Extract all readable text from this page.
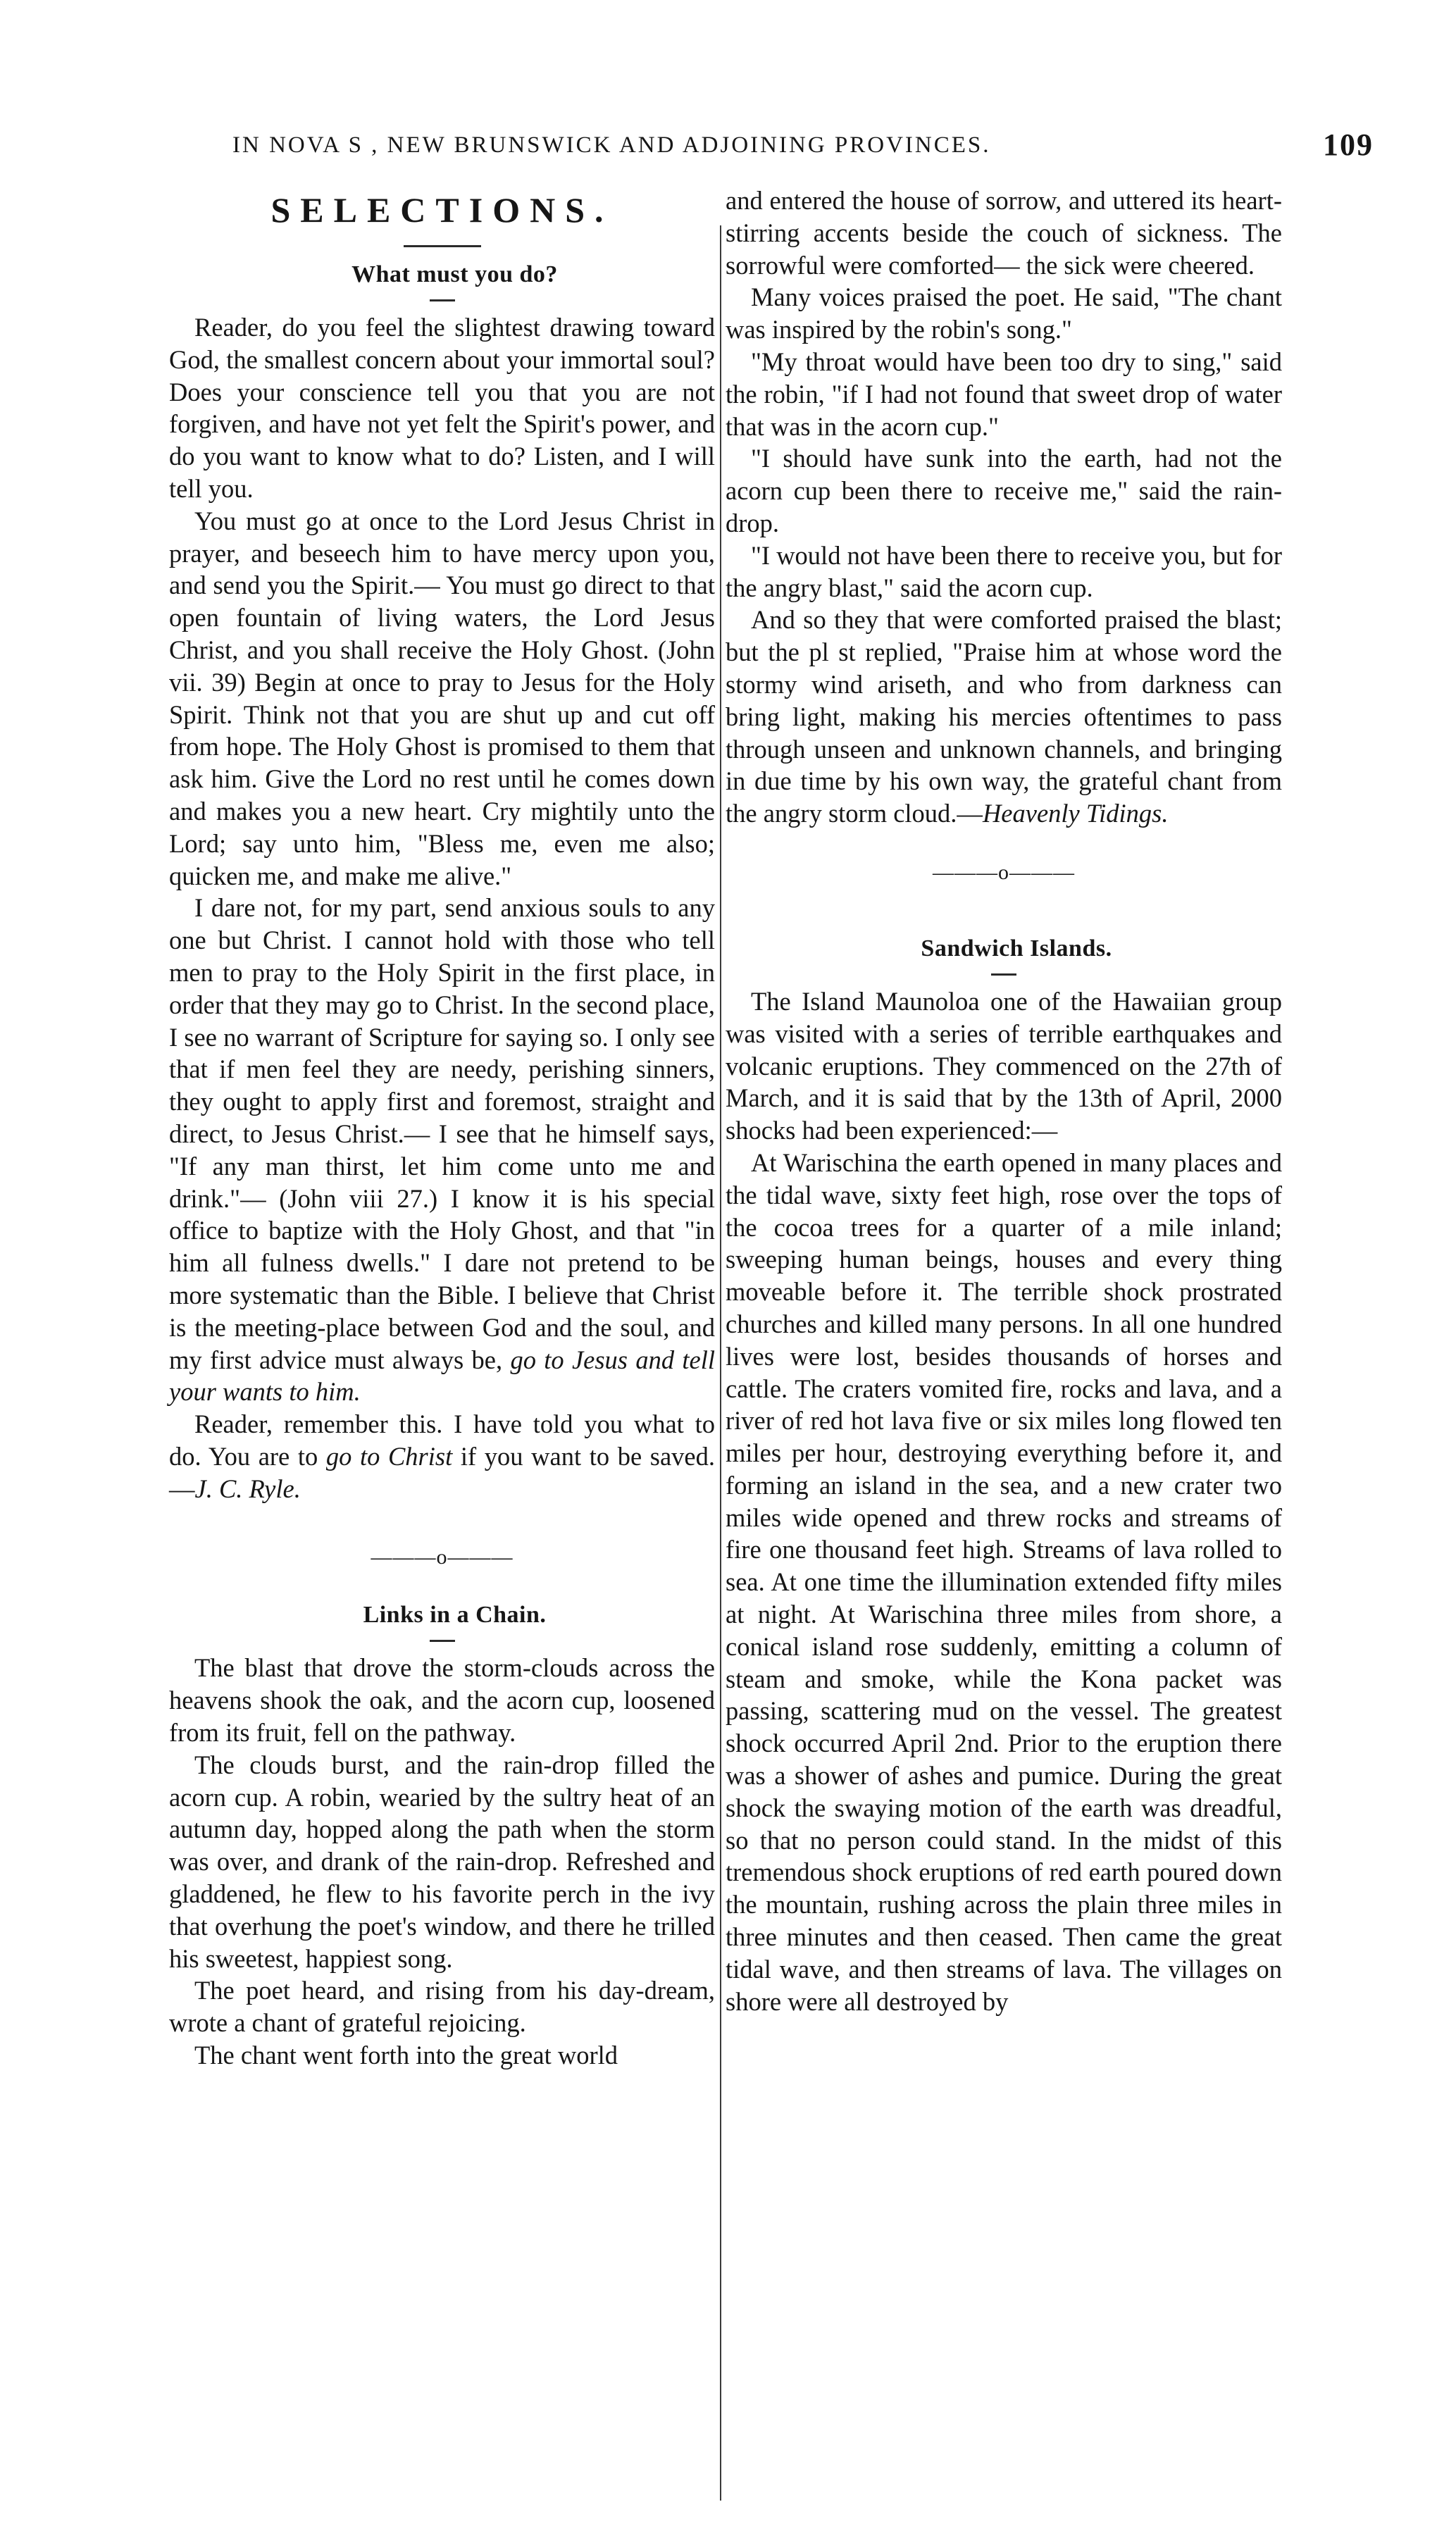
IN NOVA S , NEW BRUNSWICK AND ADJOINING PROVINCES.	109
SELECTIONS.

What must you do?

Reader, do you feel the slightest drawing toward God, the smallest concern about your immortal soul? Does your conscience tell you that you are not forgiven, and have not yet felt the Spirit's power, and do you want to know what to do? Listen, and I will tell you.

You must go at once to the Lord Jesus Christ in prayer, and beseech him to have mercy upon you, and send you the Spirit.— You must go direct to that open fountain of living waters, the Lord Jesus Christ, and you shall receive the Holy Ghost. (John vii. 39) Begin at once to pray to Jesus for the Holy Spirit. Think not that you are shut up and cut off from hope. The Holy Ghost is promised to them that ask him. Give the Lord no rest until he comes down and makes you a new heart. Cry mightily unto the Lord; say unto him, "Bless me, even me also; quicken me, and make me alive."

I dare not, for my part, send anxious souls to any one but Christ. I cannot hold with those who tell men to pray to the Holy Spirit in the first place, in order that they may go to Christ. In the second place, I see no warrant of Scripture for saying so. I only see that if men feel they are needy, perishing sinners, they ought to apply first and foremost, straight and direct, to Jesus Christ.— I see that he himself says, "If any man thirst, let him come unto me and drink."— (John viii 27.) I know it is his special office to baptize with the Holy Ghost, and that "in him all fulness dwells." I dare not pretend to be more systematic than the Bible. I believe that Christ is the meeting-place between God and the soul, and my first advice must always be, go to Jesus and tell your wants to him.

Reader, remember this. I have told you what to do. You are to go to Christ if you want to be saved.—J. C. Ryle.

———o———

Links in a Chain.

The blast that drove the storm-clouds across the heavens shook the oak, and the acorn cup, loosened from its fruit, fell on the pathway.

The clouds burst, and the rain-drop filled the acorn cup. A robin, wearied by the sultry heat of an autumn day, hopped along the path when the storm was over, and drank of the rain-drop. Refreshed and gladdened, he flew to his favorite perch in the ivy that overhung the poet's window, and there he trilled his sweetest, happiest song.

The poet heard, and rising from his day-dream, wrote a chant of grateful rejoicing.

The chant went forth into the great world

and entered the house of sorrow, and uttered its heart-stirring accents beside the couch of sickness. The sorrowful were comforted— the sick were cheered.

Many voices praised the poet. He said, "The chant was inspired by the robin's song."

"My throat would have been too dry to sing," said the robin, "if I had not found that sweet drop of water that was in the acorn cup."

"I should have sunk into the earth, had not the acorn cup been there to receive me," said the rain-drop.

"I would not have been there to receive you, but for the angry blast," said the acorn cup.

And so they that were comforted praised the blast; but the pl st replied, "Praise him at whose word the stormy wind ariseth, and who from darkness can bring light, making his mercies oftentimes to pass through unseen and unknown channels, and bringing in due time by his own way, the grateful chant from the angry storm cloud.—Heavenly Tidings.

———o———

Sandwich Islands.

The Island Maunoloa one of the Hawaiian group was visited with a series of terrible earthquakes and volcanic eruptions. They commenced on the 27th of March, and it is said that by the 13th of April, 2000 shocks had been experienced:—

At Warischina the earth opened in many places and the tidal wave, sixty feet high, rose over the tops of the cocoa trees for a quarter of a mile inland; sweeping human beings, houses and every thing moveable before it. The terrible shock prostrated churches and killed many persons. In all one hundred lives were lost, besides thousands of horses and cattle. The craters vomited fire, rocks and lava, and a river of red hot lava five or six miles long flowed ten miles per hour, destroying everything before it, and forming an island in the sea, and a new crater two miles wide opened and threw rocks and streams of fire one thousand feet high. Streams of lava rolled to sea. At one time the illumination extended fifty miles at night. At Warischina three miles from shore, a conical island rose suddenly, emitting a column of steam and smoke, while the Kona packet was passing, scattering mud on the vessel. The greatest shock occurred April 2nd. Prior to the eruption there was a shower of ashes and pumice. During the great shock the swaying motion of the earth was dreadful, so that no person could stand. In the midst of this tremendous shock eruptions of red earth poured down the mountain, rushing across the plain three miles in three minutes and then ceased. Then came the great tidal wave, and then streams of lava. The villages on shore were all destroyed by
